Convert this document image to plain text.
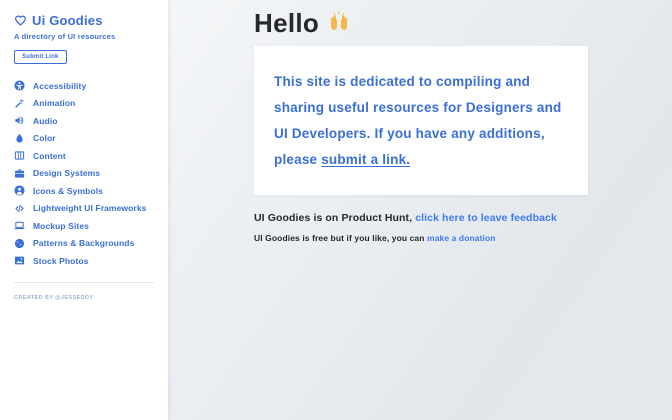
Ui Goodies
A directory of UI resources
Submit Link
Accessibility
Animation
Audio
Color
Content
Design Systems
Icons & Symbols
Lightweight UI Frameworks
Mockup Sites
Patterns & Backgrounds
Stock Photos
CREATED BY @JESSEDDY
Hello

This site is dedicated to compiling and sharing useful resources for Designers and UI Developers. If you have any additions, please submit a link.

UI Goodies is on Product Hunt, click here to leave feedback

UI Goodies is free but if you like, you can make a donation
